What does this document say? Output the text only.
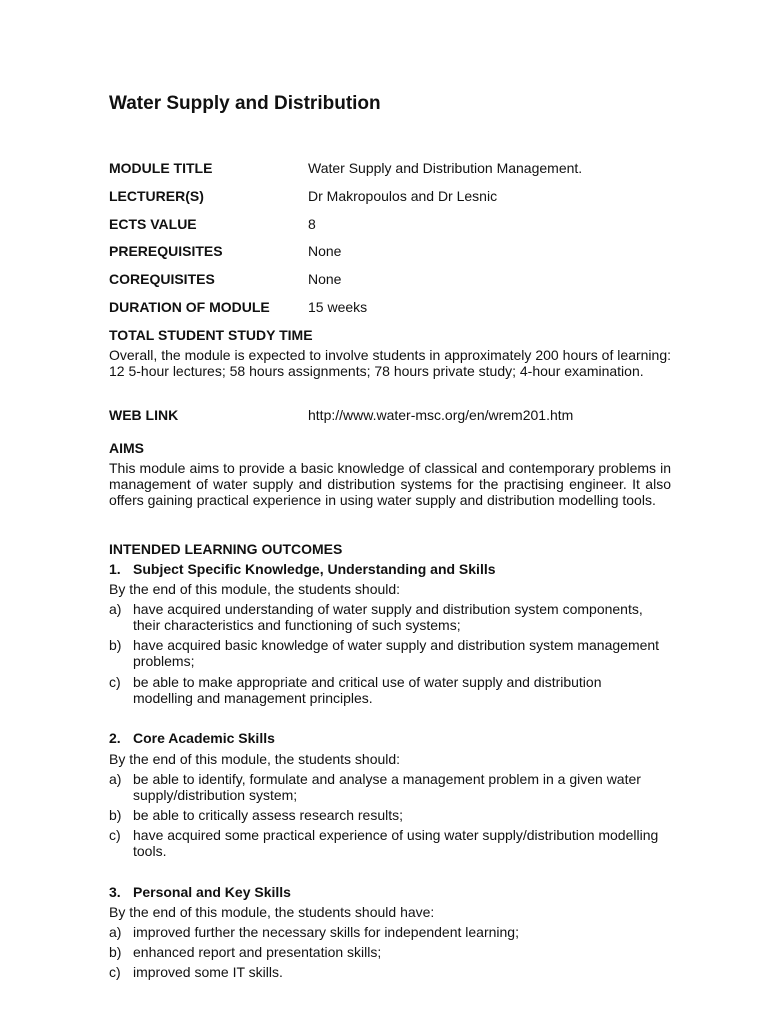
Water Supply and Distribution
MODULE TITLE	Water Supply and Distribution Management.
LECTURER(S)	Dr Makropoulos and Dr Lesnic
ECTS VALUE	8
PREREQUISITES	None
COREQUISITES	None
DURATION OF MODULE	15 weeks
TOTAL STUDENT STUDY TIME
Overall, the module is expected to involve students in approximately 200 hours of learning: 12 5-hour lectures; 58 hours assignments; 78 hours private study; 4-hour examination.
WEB LINK	http://www.water-msc.org/en/wrem201.htm
AIMS
This module aims to provide a basic knowledge of classical and contemporary problems in management of water supply and distribution systems for the practising engineer. It also offers gaining practical experience in using water supply and distribution modelling tools.
INTENDED LEARNING OUTCOMES
1. Subject Specific Knowledge, Understanding and Skills
By the end of this module, the students should:
a) have acquired understanding of water supply and distribution system components,
their characteristics and functioning of such systems;
b) have acquired basic knowledge of water supply and distribution system management
problems;
c) be able to make appropriate and critical use of water supply and distribution
modelling and management principles.
2. Core Academic Skills
By the end of this module, the students should:
a) be able to identify, formulate and analyse a management problem in a given water
supply/distribution system;
b) be able to critically assess research results;
c) have acquired some practical experience of using water supply/distribution modelling
tools.
3. Personal and Key Skills
By the end of this module, the students should have:
a) improved further the necessary skills for independent learning;
b) enhanced report and presentation skills;
c) improved some IT skills.
